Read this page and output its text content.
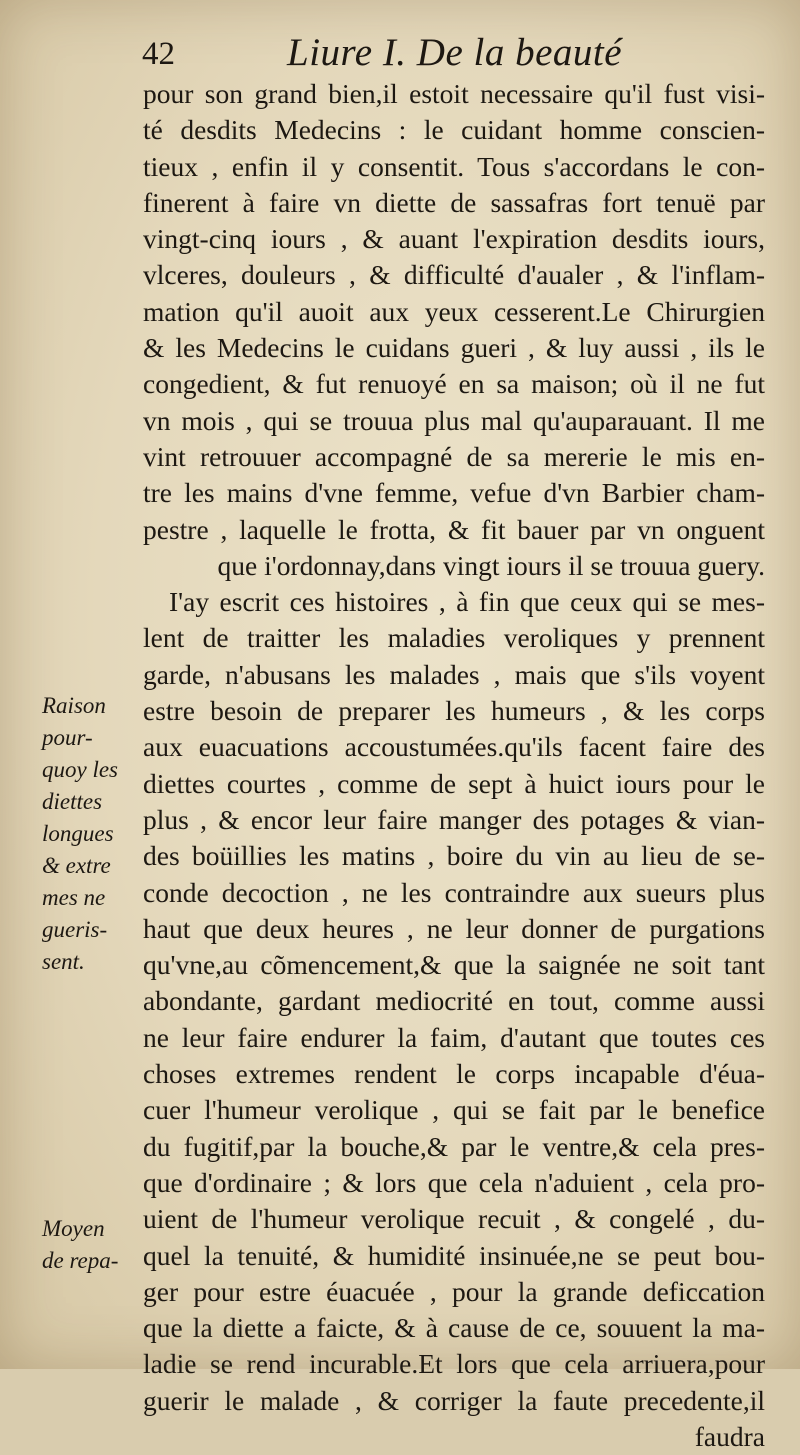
42	Liure I. De la beauté
pour son grand bien,il estoit necessaire qu'il fust visi-
té desdits Medecins : le cuidant homme conscien-
tieux , enfin il y consentit. Tous s'accordans le con-
finerent à faire vn diette de sassafras fort tenuë par
vingt-cinq iours , & auant l'expiration desdits iours,
vlceres, douleurs , & difficulté d'aualer , & l'inflam-
mation qu'il auoit aux yeux cesserent.Le Chirurgien
& les Medecins le cuidans gueri , & luy aussi , ils le
congedient, & fut renuoyé en sa maison; où il ne fut
vn mois , qui se trouua plus mal qu'auparauant. Il me
vint retrouuer accompagné de sa mererie le mis en-
tre les mains d'vne femme, vefue d'vn Barbier cham-
pestre , laquelle le frotta, & fit bauer par vn onguent
que i'ordonnay,dans vingt iours il se trouua guery.
I'ay escrit ces histoires , à fin que ceux qui se mes-
lent de traitter les maladies veroliques y prennent
garde, n'abusans les malades , mais que s'ils voyent
estre besoin de preparer les humeurs , & les corps
aux euacuations accoustumées.qu'ils facent faire des
diettes courtes , comme de sept à huict iours pour le
plus , & encor leur faire manger des potages & vian-
des boüillies les matins , boire du vin au lieu de se-
conde decoction , ne les contraindre aux sueurs plus
haut que deux heures , ne leur donner de purgations
qu'vne,au cõmencement,& que la saignée ne soit tant
abondante, gardant mediocrité en tout, comme aussi
ne leur faire endurer la faim, d'autant que toutes ces
choses extremes rendent le corps incapable d'éua-
cuer l'humeur verolique , qui se fait par le benefice
du fugitif,par la bouche,& par le ventre,& cela pres-
que d'ordinaire ; & lors que cela n'aduient , cela pro-
uient de l'humeur verolique recuit , & congelé , du-
quel la tenuité, & humidité insinuée,ne se peut bou-
ger pour estre éuacuée , pour la grande deficcation
que la diette a faicte, & à cause de ce, souuent la ma-
ladie se rend incurable.Et lors que cela arriuera,pour
guerir le malade , & corriger la faute precedente,il
faudra
Raison
pour-
quoy les
diettes
longues
& extre
mes ne
gueris-
sent.
Moyen
de repa-
